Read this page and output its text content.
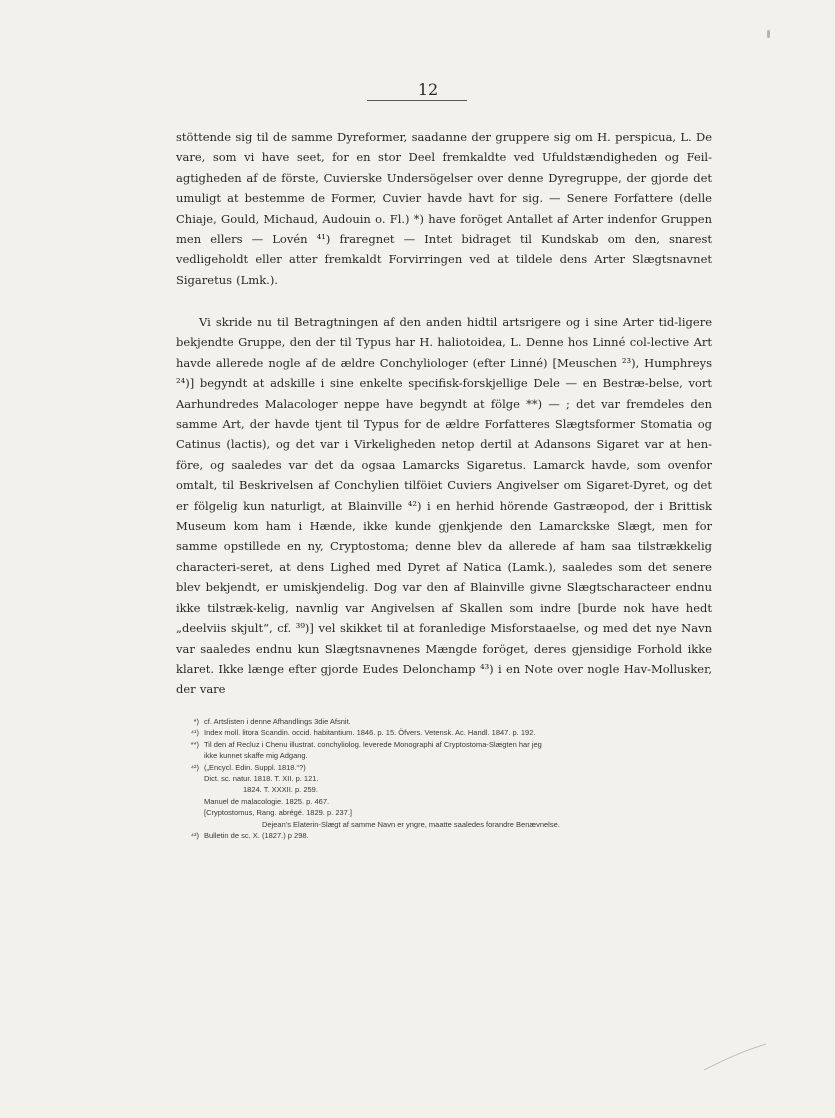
12

stöttende sig til de samme Dyreformer, saadanne der gruppere sig om H. perspicua, L. De vare, som vi have seet, for en stor Deel fremkaldte ved Ufuldstændigheden og Feil-agtigheden af de förste, Cuvierske Undersögelser over denne Dyregruppe, der gjorde det umuligt at bestemme de Former, Cuvier havde havt for sig. — Senere Forfattere (delle Chiaje, Gould, Michaud, Audouin o. Fl.) *) have foröget Antallet af Arter indenfor Gruppen men ellers — Lovén ⁴¹) fraregnet — Intet bidraget til Kundskab om den, snarest vedligeholdt eller atter fremkaldt Forvirringen ved at tildele dens Arter Slægtsnavnet Sigaretus (Lmk.).

Vi skride nu til Betragtningen af den anden hidtil artsrigere og i sine Arter tid-ligere bekjendte Gruppe, den der til Typus har H. haliotoidea, L. Denne hos Linné col-lective Art havde allerede nogle af de ældre Conchyliologer (efter Linné) [Meuschen ²³), Humphreys ²⁴)] begyndt at adskille i sine enkelte specifisk-forskjellige Dele — en Bestræ-belse, vort Aarhundredes Malacologer neppe have begyndt at fölge **) — ; det var fremdeles den samme Art, der havde tjent til Typus for de ældre Forfatteres Slægtsformer Stomatia og Catinus (lactis), og det var i Virkeligheden netop dertil at Adansons Sigaret var at hen-före, og saaledes var det da ogsaa Lamarcks Sigaretus. Lamarck havde, som ovenfor omtalt, til Beskrivelsen af Conchylien tilföiet Cuviers Angivelser om Sigaret-Dyret, og det er fölgelig kun naturligt, at Blainville ⁴²) i en herhid hörende Gastræopod, der i Brittisk Museum kom ham i Hænde, ikke kunde gjenkjende den Lamarckske Slægt, men for samme opstillede en ny, Cryptostoma; denne blev da allerede af ham saa tilstrækkelig characteri-seret, at dens Lighed med Dyret af Natica (Lamk.), saaledes som det senere blev bekjendt, er umiskjendelig. Dog var den af Blainville givne Slægtscharacteer endnu ikke tilstræk-kelig, navnlig var Angivelsen af Skallen som indre [burde nok have hedt „deelviis skjult“, cf. ³⁹)] vel skikket til at foranledige Misforstaaelse, og med det nye Navn var saaledes endnu kun Slægtsnavnenes Mængde foröget, deres gjensidige Forhold ikke klaret. Ikke længe efter gjorde Eudes Delonchamp ⁴³) i en Note over nogle Hav-Mollusker, der vare

*) cf. Artslisten i denne Afhandlings 3die Afsnit.
⁴¹) Index moll. litora Scandin. occid. habitantium. 1846. p. 15. Öfvers. Vetensk. Ac. Handl. 1847. p. 192.
**) Til den af Recluz i Chenu illustrat. conchyliolog. leverede Monographi af Cryptostoma-Slægten har jeg
ikke kunnet skaffe mig Adgang.
⁴²) („Encycl. Edin. Suppl. 1818.“?)
Dict. sc. natur. 1818. T. XII. p. 121.
1824. T. XXXII. p. 259.
Manuel de malacologie. 1825. p. 467.
[Cryptostomus, Rang. abrégé. 1829. p. 237.]
Dejean's Elaterin-Slægt af samme Navn er yngre, maatte saaledes forandre Benævnelse.
⁴³) Bulletin de sc. X. (1827.) p 298.
